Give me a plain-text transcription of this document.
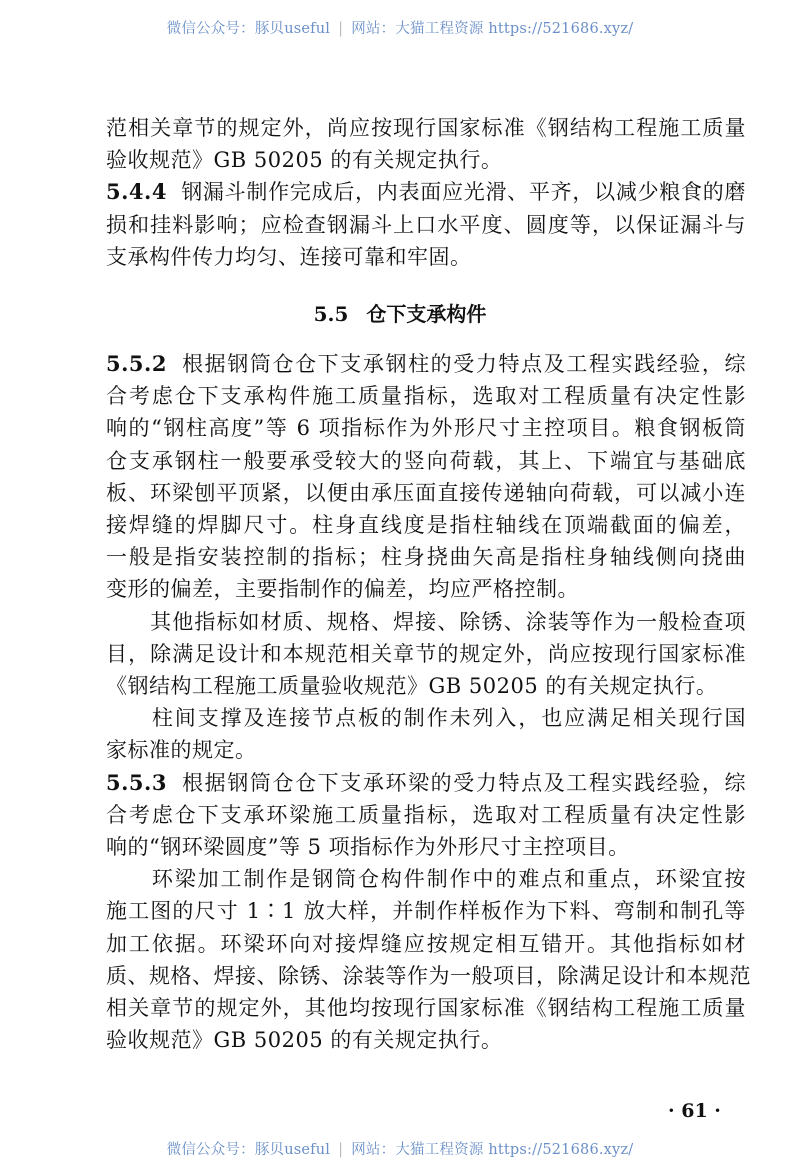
微信公众号：豚贝useful | 网站：大猫工程资源 https://521686.xyz/
范相关章节的规定外，尚应按现行国家标准《钢结构工程施工质量
验收规范》GB 50205 的有关规定执行。
5.4.4 钢漏斗制作完成后，内表面应光滑、平齐，以减少粮食的磨
损和挂料影响；应检查钢漏斗上口水平度、圆度等，以保证漏斗与
支承构件传力均匀、连接可靠和牢固。
5.5.2 根据钢筒仓仓下支承钢柱的受力特点及工程实践经验，综
合考虑仓下支承构件施工质量指标，选取对工程质量有决定性影
响的“钢柱高度”等 6 项指标作为外形尺寸主控项目。粮食钢板筒
仓支承钢柱一般要承受较大的竖向荷载，其上、下端宜与基础底
板、环梁刨平顶紧，以便由承压面直接传递轴向荷载，可以减小连
接焊缝的焊脚尺寸。柱身直线度是指柱轴线在顶端截面的偏差，
一般是指安装控制的指标；柱身挠曲矢高是指柱身轴线侧向挠曲
变形的偏差，主要指制作的偏差，均应严格控制。
　　其他指标如材质、规格、焊接、除锈、涂装等作为一般检查项
目，除满足设计和本规范相关章节的规定外，尚应按现行国家标准
《钢结构工程施工质量验收规范》GB 50205 的有关规定执行。
　　柱间支撑及连接节点板的制作未列入，也应满足相关现行国
家标准的规定。
5.5.3 根据钢筒仓仓下支承环梁的受力特点及工程实践经验，综
合考虑仓下支承环梁施工质量指标，选取对工程质量有决定性影
响的“钢环梁圆度”等 5 项指标作为外形尺寸主控项目。
　　环梁加工制作是钢筒仓构件制作中的难点和重点，环梁宜按
施工图的尺寸 1∶1 放大样，并制作样板作为下料、弯制和制孔等
加工依据。环梁环向对接焊缝应按规定相互错开。其他指标如材
质、规格、焊接、除锈、涂装等作为一般项目，除满足设计和本规范
相关章节的规定外，其他均按现行国家标准《钢结构工程施工质量
验收规范》GB 50205 的有关规定执行。
5.5 仓下支承构件
· 61 ·
微信公众号：豚贝useful | 网站：大猫工程资源 https://521686.xyz/
